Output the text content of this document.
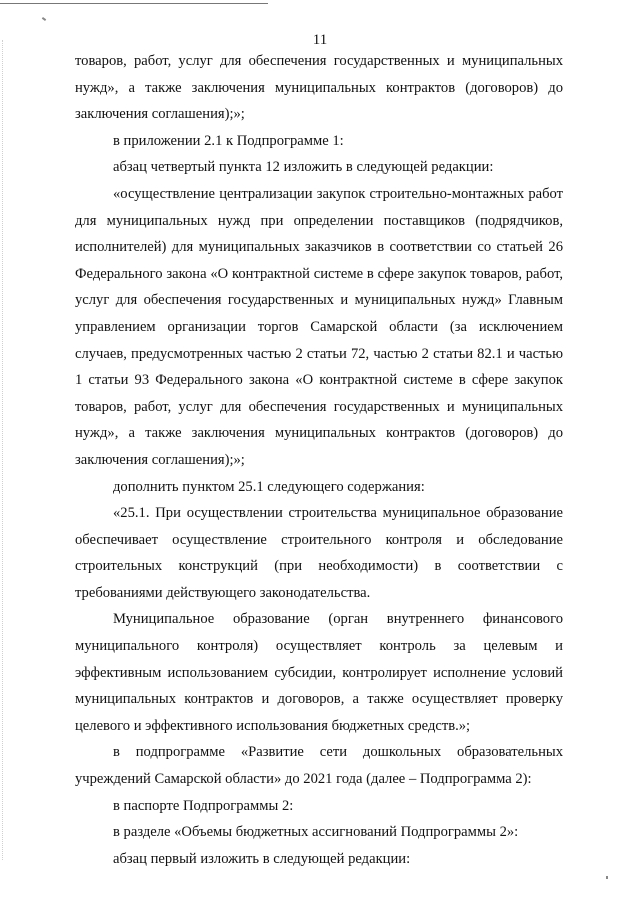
11

товаров, работ, услуг для обеспечения государственных и муниципальных нужд», а также заключения муниципальных контрактов (договоров) до заключения соглашения);»;

в приложении 2.1 к Подпрограмме 1:

абзац четвертый пункта 12 изложить в следующей редакции:

«осуществление централизации закупок строительно-монтажных работ для муниципальных нужд при определении поставщиков (подрядчиков, исполнителей) для муниципальных заказчиков в соответствии со статьей 26 Федерального закона «О контрактной системе в сфере закупок товаров, работ, услуг для обеспечения государственных и муниципальных нужд» Главным управлением организации торгов Самарской области (за исключением случаев, предусмотренных частью 2 статьи 72, частью 2 статьи 82.1 и частью 1 статьи 93 Федерального закона «О контрактной системе в сфере закупок товаров, работ, услуг для обеспечения государственных и муниципальных нужд», а также заключения муниципальных контрактов (договоров) до заключения соглашения);»;

дополнить пунктом 25.1 следующего содержания:

«25.1. При осуществлении строительства муниципальное образование обеспечивает осуществление строительного контроля и обследование строительных конструкций (при необходимости) в соответствии с требованиями действующего законодательства.

Муниципальное образование (орган внутреннего финансового муниципального контроля) осуществляет контроль за целевым и эффективным использованием субсидии, контролирует исполнение условий муниципальных контрактов и договоров, а также осуществляет проверку целевого и эффективного использования бюджетных средств.»;

в подпрограмме «Развитие сети дошкольных образовательных учреждений Самарской области» до 2021 года (далее – Подпрограмма 2):

в паспорте Подпрограммы 2:

в разделе «Объемы бюджетных ассигнований Подпрограммы 2»:

абзац первый изложить в следующей редакции:
